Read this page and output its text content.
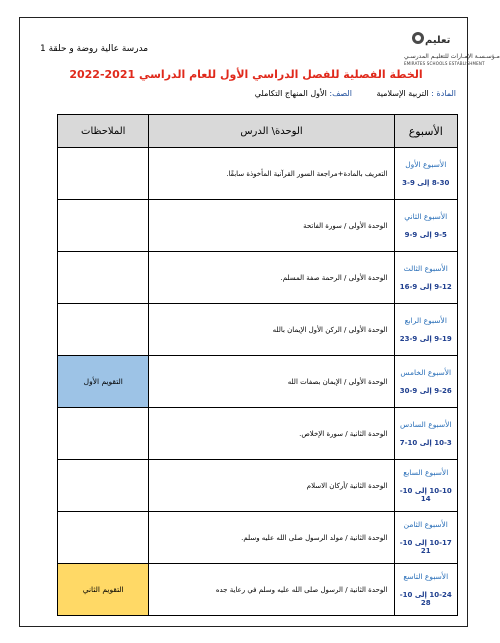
مدرسة عالية روضة و حلقة 1
تعليم
مـؤسـسـة الإمـارات للتعليـم المدرسـي
EMIRATES SCHOOLS ESTABLISHMENT
الخطة الفصلية للفصل الدراسي الأول للعام الدراسي 2021-2022
المادة : التربية الإسلامية الصف: الأول المنهاج التكاملي
الأسبوع	الوحدة\ الدرس	الملاحظات

الأسبوع الأول
8-30 إلى 9-3	التعريف بالمادة+مراجعة السور القرآنية المأخوذة سابقًا.	

الأسبوع الثاني
9-5 إلى 9-9	الوحدة الأولى / سورة الفاتحة	

الأسبوع الثالث
9-12 إلى 9-16	الوحدة الأولى / الرحمة صفة المسلم.	

الأسبوع الرابع
9-19 إلى 9-23	الوحدة الأولى / الركن الأول الإيمان بالله	

الأسبوع الخامس
9-26 إلى 9-30	الوحدة الأولى / الإيمان بصفات الله	التقويم الأول

الأسبوع السادس
10-3 إلى 10-7	الوحدة الثانية / سورة الإخلاص.	

الأسبوع السابع
10-10 إلى 10-14	الوحدة الثانية /أركان الاسلام	

الأسبوع الثامن
10-17 إلى 10-21	الوحدة الثانية / مولد الرسول صلى الله عليه وسلم.	

الأسبوع التاسع
10-24 إلى 10-28	الوحدة الثانية / الرسول صلى الله عليه وسلم في رعاية جده	التقويم الثاني
